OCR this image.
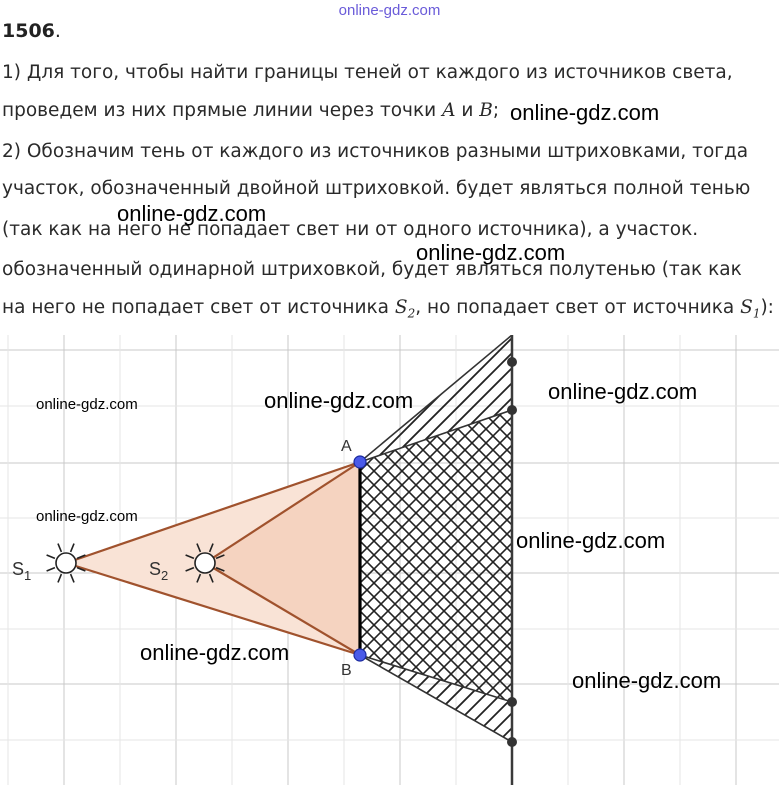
online-gdz.com
1506.
1) Для того, чтобы найти границы теней от каждого из источников света,
проведем из них прямые линии через точки A и B;
2) Обозначим тень от каждого из источников разными штриховками, тогда
участок, обозначенный двойной штриховкой. будет являться полной тенью
(так как на него не попадает свет ни от одного источника), а участок.
обозначенный одинарной штриховкой, будет являться полутенью (так как
на него не попадает свет от источника $S_2$, но попадает свет от источника $S_1$):
A
B
$S_1$	$S_2$
online-gdz.com
online-gdz.com
online-gdz.com
online-gdz.com	online-gdz.com
online-gdz.com
online-gdz.com
online-gdz.com
online-gdz.com
online-gdz.com
